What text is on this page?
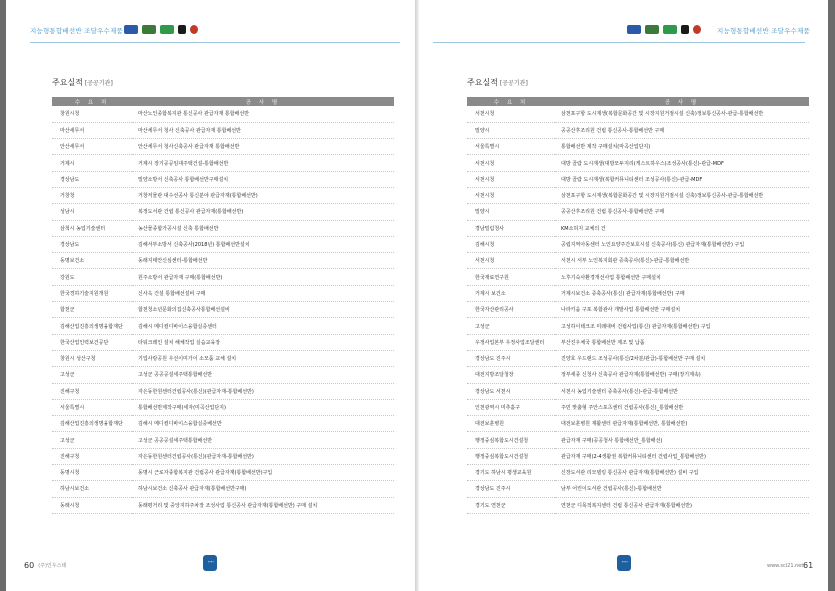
지능형통합배선반 조달우수제품
주요실적 [공공기관]
수 요 처	공 사 명
창원시청	마산노인종합복지관 통신공사 관급자재 통합배선반
마산세무서	마산세무서 청사 신축공사 관급자재 통합배선반
안산세무서	안산세무서 청사신축공사 관급자재 통합배선반
거제시	거제시 장기공공임대주택건설-통합배선반
경상남도	밀양소방서 신축공사 통합배선반구매설치
거창청	거창저물관 대수선공사 통신분야 관급자재(통합배선반)
성남시	복정도서관 건립 통신공사 관급자재(통합배선반)
삼척시 농업기술센터	농산물종합가공시설 신축 통합배선반
경상남도	김해서부소방서 신축공사(2018년) 통합배선반설치
동명보건소	동래지태안신심센터-통합배선반
강원도	원주소방서 관급자재 구매(통합배선반)
한국경하기술지원개원	신사옥 건설 통합배선설비 구매
합천군	합천청소년문화의집신축공사통합배선설비
김해산업진흥의생명융합재단	김해시 메디컬디바이스융합실증센터
한국산업인력보건공단	타워크레인 설치 해체작업 실습교육장
창원시 성산구청	기업사랑공원 우선이미가이 소모품 교체 설치
고성군	고성군 공공공설세주택통합배선반
진해구청	자은동한원센터건립공사(통신)(관급자재-통합배선반)
서울특별시	통합배선반제작구매(세자(미곡산업단지)
김해산업진흥의생명융합재단	김해시 메디컬디바이스융합실증배선반
고성군	고성군 공공공설세주택통합배선반
진해구청	자은동한원센터건립공사(통신)(관급자재-통합배선반)
동명시청	동명시 근로자종합복지관 건립공사 관급자재(통합배선반)구입
하남시보건소	하남시보건소 신축공사 관급자재(통합배선반구매)
동래시청	동래평거리 및 중앙지하주차장 조성사업 통신공사 관급자재(통합배선반) 구매 설치
60 (주)인우스테	᠁
지능형통합배선반 조달우수제품
주요실적 [공공기관]
수 요 처	공 사 명
서천시청	삼천포구항 도시재생(복합문화공간 및 시장지원거점시설 신축)정보통신공사-관급-통합배선반
밀양시	공공산후조리원 건립 통신공사-통합배선반 구매
서울특별시	통합배선반 제작 구매설치(마곡산업단지)
서천시청	대방 골람 도시재생(대방모두지리(게스트하우스)조성공사(통신)-관급-MDF
서천시청	대방 골람 도시재생(복합커뮤니티센터 조성공사(통신)-관급-MDF
서천시청	삼천포구항 도시재생(복합문화공간 및 시장지원거점시설 신축)정보통신공사-관급-통합배선반
밀양시	공공산후조리원 건립 통신공사-통합배선반 구매
경남밀림청사	KM소허지 교체의 건
김해시청	공립지역아동센터 노인요양주간보호시설 신축공사(통신) 관급자재(통합배선반) 구입
서천시청	서천시 서부 노인복지회관 증축공사(통신)-관급-통합배선반
한국재료연구원	노후기숙사환경개선사업 통합배선반 구매설치
거제시 보건소	거제시보건소 증축공사(통신) 관급자재(통합배선반) 구매
한국자산관리공사	나라키움 구포 복합관사 개발사업 통합배선반 구매설치
고성군	고성하이테크조 미래대비 건립사업(통신) 관급자재(통합배선반) 구입
우정사업본부 우정사업조달센터	부산진우체국 통합배선반 제조 및 납품
경상남도 진주시	진양호 우드랜드 조성공사(통신/2차분/관급)-통합배선반 구매 설치
대전지방조달청장	정부세종 신청사 신축공사 관급자재(통합배선반) 구매(장기계속)
경상남도 서천시	서천시 농업기술센터 증축공사(통신)-관급-통합배선반
인천광역시 미추홀구	주민 맞춤형 주안스포츠센터 건립공사(통신)_통합배선반
대전보훈병원	대전보훈병원 재활센터 관급자재(통합배선반, 통합배선반)
행정중심복합도시건설청	관급자재 구매(공공청사 통합배선반_통합배선)
행정중심복합도시건설청	관급자재 구매(2-4생활권 복합커뮤니티센터 건립사업_통합배선반)
경기도 하남시 평생교육원	신장도서관 리모델링 통신공사 관급자재(통합배선반) 설비 구입
경상남도 진주시	남부 어린이도서관 건립공사(통신)-통합배선반
경기도 연천군	연천군 디목적복지센터 건립 통신공사 관급자재(통합배선반)
᠁	www.sci21.net 61
